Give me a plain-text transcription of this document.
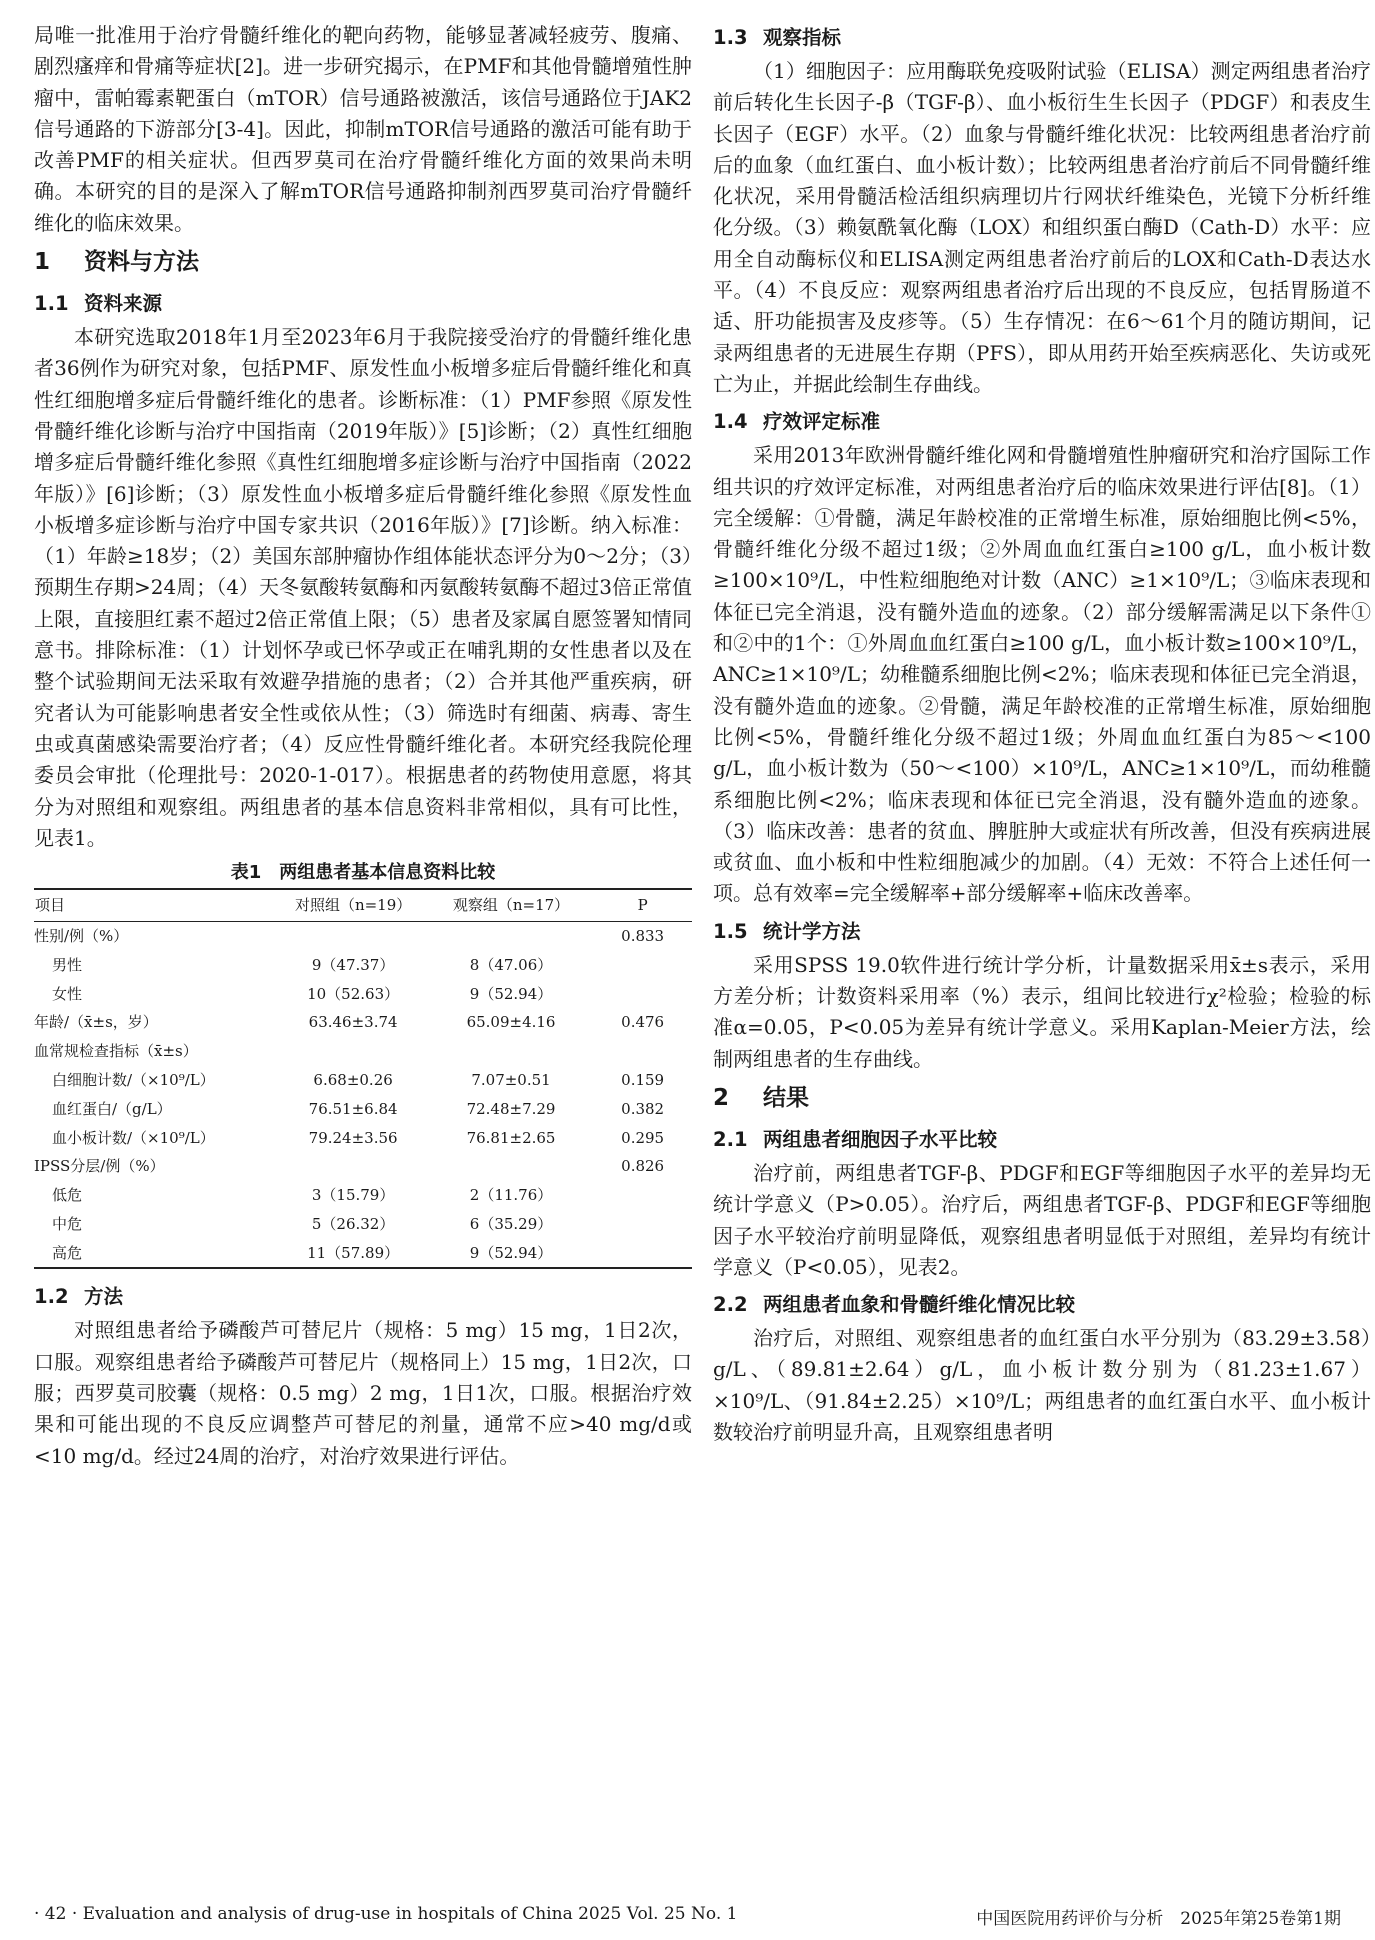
局唯一批准用于治疗骨髓纤维化的靶向药物，能够显著减轻疲劳、腹痛、剧烈瘙痒和骨痛等症状[2]。进一步研究揭示，在PMF和其他骨髓增殖性肿瘤中，雷帕霉素靶蛋白（mTOR）信号通路被激活，该信号通路位于JAK2信号通路的下游部分[3-4]。因此，抑制mTOR信号通路的激活可能有助于改善PMF的相关症状。但西罗莫司在治疗骨髓纤维化方面的效果尚未明确。本研究的目的是深入了解mTOR信号通路抑制剂西罗莫司治疗骨髓纤维化的临床效果。

1 资料与方法
1.1 资料来源

本研究选取2018年1月至2023年6月于我院接受治疗的骨髓纤维化患者36例作为研究对象，包括PMF、原发性血小板增多症后骨髓纤维化和真性红细胞增多症后骨髓纤维化的患者。诊断标准：（1）PMF参照《原发性骨髓纤维化诊断与治疗中国指南（2019年版）》[5]诊断；（2）真性红细胞增多症后骨髓纤维化参照《真性红细胞增多症诊断与治疗中国指南（2022年版）》[6]诊断；（3）原发性血小板增多症后骨髓纤维化参照《原发性血小板增多症诊断与治疗中国专家共识（2016年版）》[7]诊断。纳入标准：（1）年龄≥18岁；（2）美国东部肿瘤协作组体能状态评分为0～2分；（3）预期生存期>24周；（4）天冬氨酸转氨酶和丙氨酸转氨酶不超过3倍正常值上限，直接胆红素不超过2倍正常值上限；（5）患者及家属自愿签署知情同意书。排除标准：（1）计划怀孕或已怀孕或正在哺乳期的女性患者以及在整个试验期间无法采取有效避孕措施的患者；（2）合并其他严重疾病，研究者认为可能影响患者安全性或依从性；（3）筛选时有细菌、病毒、寄生虫或真菌感染需要治疗者；（4）反应性骨髓纤维化者。本研究经我院伦理委员会审批（伦理批号：2020-1-017）。根据患者的药物使用意愿，将其分为对照组和观察组。两组患者的基本信息资料非常相似，具有可比性，见表1。

表1　两组患者基本信息资料比较
项目	对照组（n=19）	观察组（n=17）	P
性别/例（%）			0.833
男性	9（47.37）	8（47.06）	
女性	10（52.63）	9（52.94）	
年龄/（x̄±s，岁）	63.46±3.74	65.09±4.16	0.476
血常规检查指标（x̄±s）			
白细胞计数/（×10⁹/L）	6.68±0.26	7.07±0.51	0.159
血红蛋白/（g/L）	76.51±6.84	72.48±7.29	0.382
血小板计数/（×10⁹/L）	79.24±3.56	76.81±2.65	0.295
IPSS分层/例（%）			0.826
低危	3（15.79）	2（11.76）	
中危	5（26.32）	6（35.29）	
高危	11（57.89）	9（52.94）	
1.2 方法

对照组患者给予磷酸芦可替尼片（规格：5 mg）15 mg，1日2次，口服。观察组患者给予磷酸芦可替尼片（规格同上）15 mg，1日2次，口服；西罗莫司胶囊（规格：0.5 mg）2 mg，1日1次，口服。根据治疗效果和可能出现的不良反应调整芦可替尼的剂量，通常不应>40 mg/d或<10 mg/d。经过24周的治疗，对治疗效果进行评估。

1.3 观察指标

（1）细胞因子：应用酶联免疫吸附试验（ELISA）测定两组患者治疗前后转化生长因子-β（TGF-β）、血小板衍生生长因子（PDGF）和表皮生长因子（EGF）水平。（2）血象与骨髓纤维化状况：比较两组患者治疗前后的血象（血红蛋白、血小板计数）；比较两组患者治疗前后不同骨髓纤维化状况，采用骨髓活检活组织病理切片行网状纤维染色，光镜下分析纤维化分级。（3）赖氨酰氧化酶（LOX）和组织蛋白酶D（Cath-D）水平：应用全自动酶标仪和ELISA测定两组患者治疗前后的LOX和Cath-D表达水平。（4）不良反应：观察两组患者治疗后出现的不良反应，包括胃肠道不适、肝功能损害及皮疹等。（5）生存情况：在6～61个月的随访期间，记录两组患者的无进展生存期（PFS），即从用药开始至疾病恶化、失访或死亡为止，并据此绘制生存曲线。

1.4 疗效评定标准

采用2013年欧洲骨髓纤维化网和骨髓增殖性肿瘤研究和治疗国际工作组共识的疗效评定标准，对两组患者治疗后的临床效果进行评估[8]。（1）完全缓解：①骨髓，满足年龄校准的正常增生标准，原始细胞比例<5%，骨髓纤维化分级不超过1级；②外周血血红蛋白≥100 g/L，血小板计数≥100×10⁹/L，中性粒细胞绝对计数（ANC）≥1×10⁹/L；③临床表现和体征已完全消退，没有髓外造血的迹象。（2）部分缓解需满足以下条件①和②中的1个：①外周血血红蛋白≥100 g/L，血小板计数≥100×10⁹/L，ANC≥1×10⁹/L；幼稚髓系细胞比例<2%；临床表现和体征已完全消退，没有髓外造血的迹象。②骨髓，满足年龄校准的正常增生标准，原始细胞比例<5%，骨髓纤维化分级不超过1级；外周血血红蛋白为85～<100 g/L，血小板计数为（50～<100）×10⁹/L，ANC≥1×10⁹/L，而幼稚髓系细胞比例<2%；临床表现和体征已完全消退，没有髓外造血的迹象。（3）临床改善：患者的贫血、脾脏肿大或症状有所改善，但没有疾病进展或贫血、血小板和中性粒细胞减少的加剧。（4）无效：不符合上述任何一项。总有效率=完全缓解率+部分缓解率+临床改善率。

1.5 统计学方法

采用SPSS 19.0软件进行统计学分析，计量数据采用x̄±s表示，采用方差分析；计数资料采用率（%）表示，组间比较进行χ²检验；检验的标准α=0.05，P<0.05为差异有统计学意义。采用Kaplan-Meier方法，绘制两组患者的生存曲线。

2 结果
2.1 两组患者细胞因子水平比较

治疗前，两组患者TGF-β、PDGF和EGF等细胞因子水平的差异均无统计学意义（P>0.05）。治疗后，两组患者TGF-β、PDGF和EGF等细胞因子水平较治疗前明显降低，观察组患者明显低于对照组，差异均有统计学意义（P<0.05），见表2。

2.2 两组患者血象和骨髓纤维化情况比较

治疗后，对照组、观察组患者的血红蛋白水平分别为（83.29±3.58）g/L、（89.81±2.64）g/L，血小板计数分别为（81.23±1.67）×10⁹/L、（91.84±2.25）×10⁹/L；两组患者的血红蛋白水平、血小板计数较治疗前明显升高，且观察组患者明

· 42 · Evaluation and analysis of drug-use in hospitals of China 2025 Vol. 25 No. 1	中国医院用药评价与分析　2025年第25卷第1期
